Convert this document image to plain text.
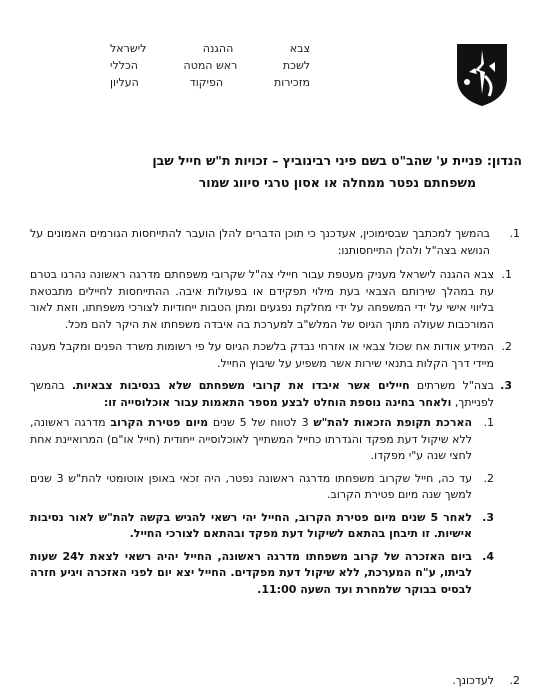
צבא
ההגנה
לישראל
לשכת
ראש המטה
הכללי
מזכירות
הפיקוד
העליון
הנדון: פניית ע' שהב"ט בשם פיני רבינוביץ – זכויות ת"ש חייל שבן
משפחתם נפטר ממחלה או אסון טרגי סיווג שמור
1.
בהמשך למכתבך שבסימוכין, אעדכנך כי תוכן הדברים להלן הועבר להתייחסות הגורמים האמונים על הנושא בצה"ל ולהלן התייחסותנו:
1.
צבא ההגנה לישראל מעניק מעטפת עבור חיילי צה"ל שקרובי משפחתם מדרגה ראשונה נהרגו בטרם עת במהלך שירותם הצבאי בעת מילוי תפקידם או בפעולות איבה. ההתייחסות לחיילים מתבטאת בליווי אישי על ידי המשפחה על ידי מחלקת נפגעים ומתן הטבות ייחודיות לצורכי משפחתו, וזאת לאור המורכבות שעולה מתוך הגיוס של המלש"ב למערכת בה איבדה משפחתו את היקר להם מכל.
2.
המידע אודות אח שכול צבאי או אזרחי נבדק בלשכת הגיוס על פי רשומות משרד הפנים ומקבל מענה מיידי דרך הקלות בתנאי שירות אשר משפיע על שיבוץ החייל.
3.
בצה"ל משרתים חיילים אשר איבדו את קרובי משפחתם שלא בנסיבות צבאיות. בהמשך לפנייתך, ולאחר בחינה נוספת הוחלט לבצע מספר התאמות עבור אוכלוסייה זו:
1.
הארכת תקופת הזכאות להת"ש 3 לטווח של 5 שנים מיום פטירת הקרוב מדרגה ראשונה, ללא שיקול דעת מפקד והגדרתו כחייל המשתייך לאוכלוסייה ייחודית (חייל או"ם) המרואיינת אחת לחצי שנה ע"י מפקדו.
2.
עד כה, חייל שקרוב משפחתו מדרגה ראשונה נפטר, היה זכאי באופן אוטומטי להת"ש 3 שנים למשך שנה מיום פטירת הקרוב.
3.
לאחר 5 שנים מיום פטירת הקרוב, החייל יהי רשאי להגיש בקשה להת"ש לאור נסיבות אישיות. זו תיבחן בהתאם לשיקול דעת מפקד ובהתאם לצורכי החייל.
4.
ביום האזכרה של קרוב משפחתו מדרגה ראשונה, החייל יהיה רשאי לצאת ל24 שעות לביתו, ע"ח המערכת, ללא שיקול דעת מפקדים. החייל יצא יום לפני האזכרה ויגיע חזרה לבסיס בבוקר שלמחרת ועד השעה 11:00.
2. לעדכונך.
